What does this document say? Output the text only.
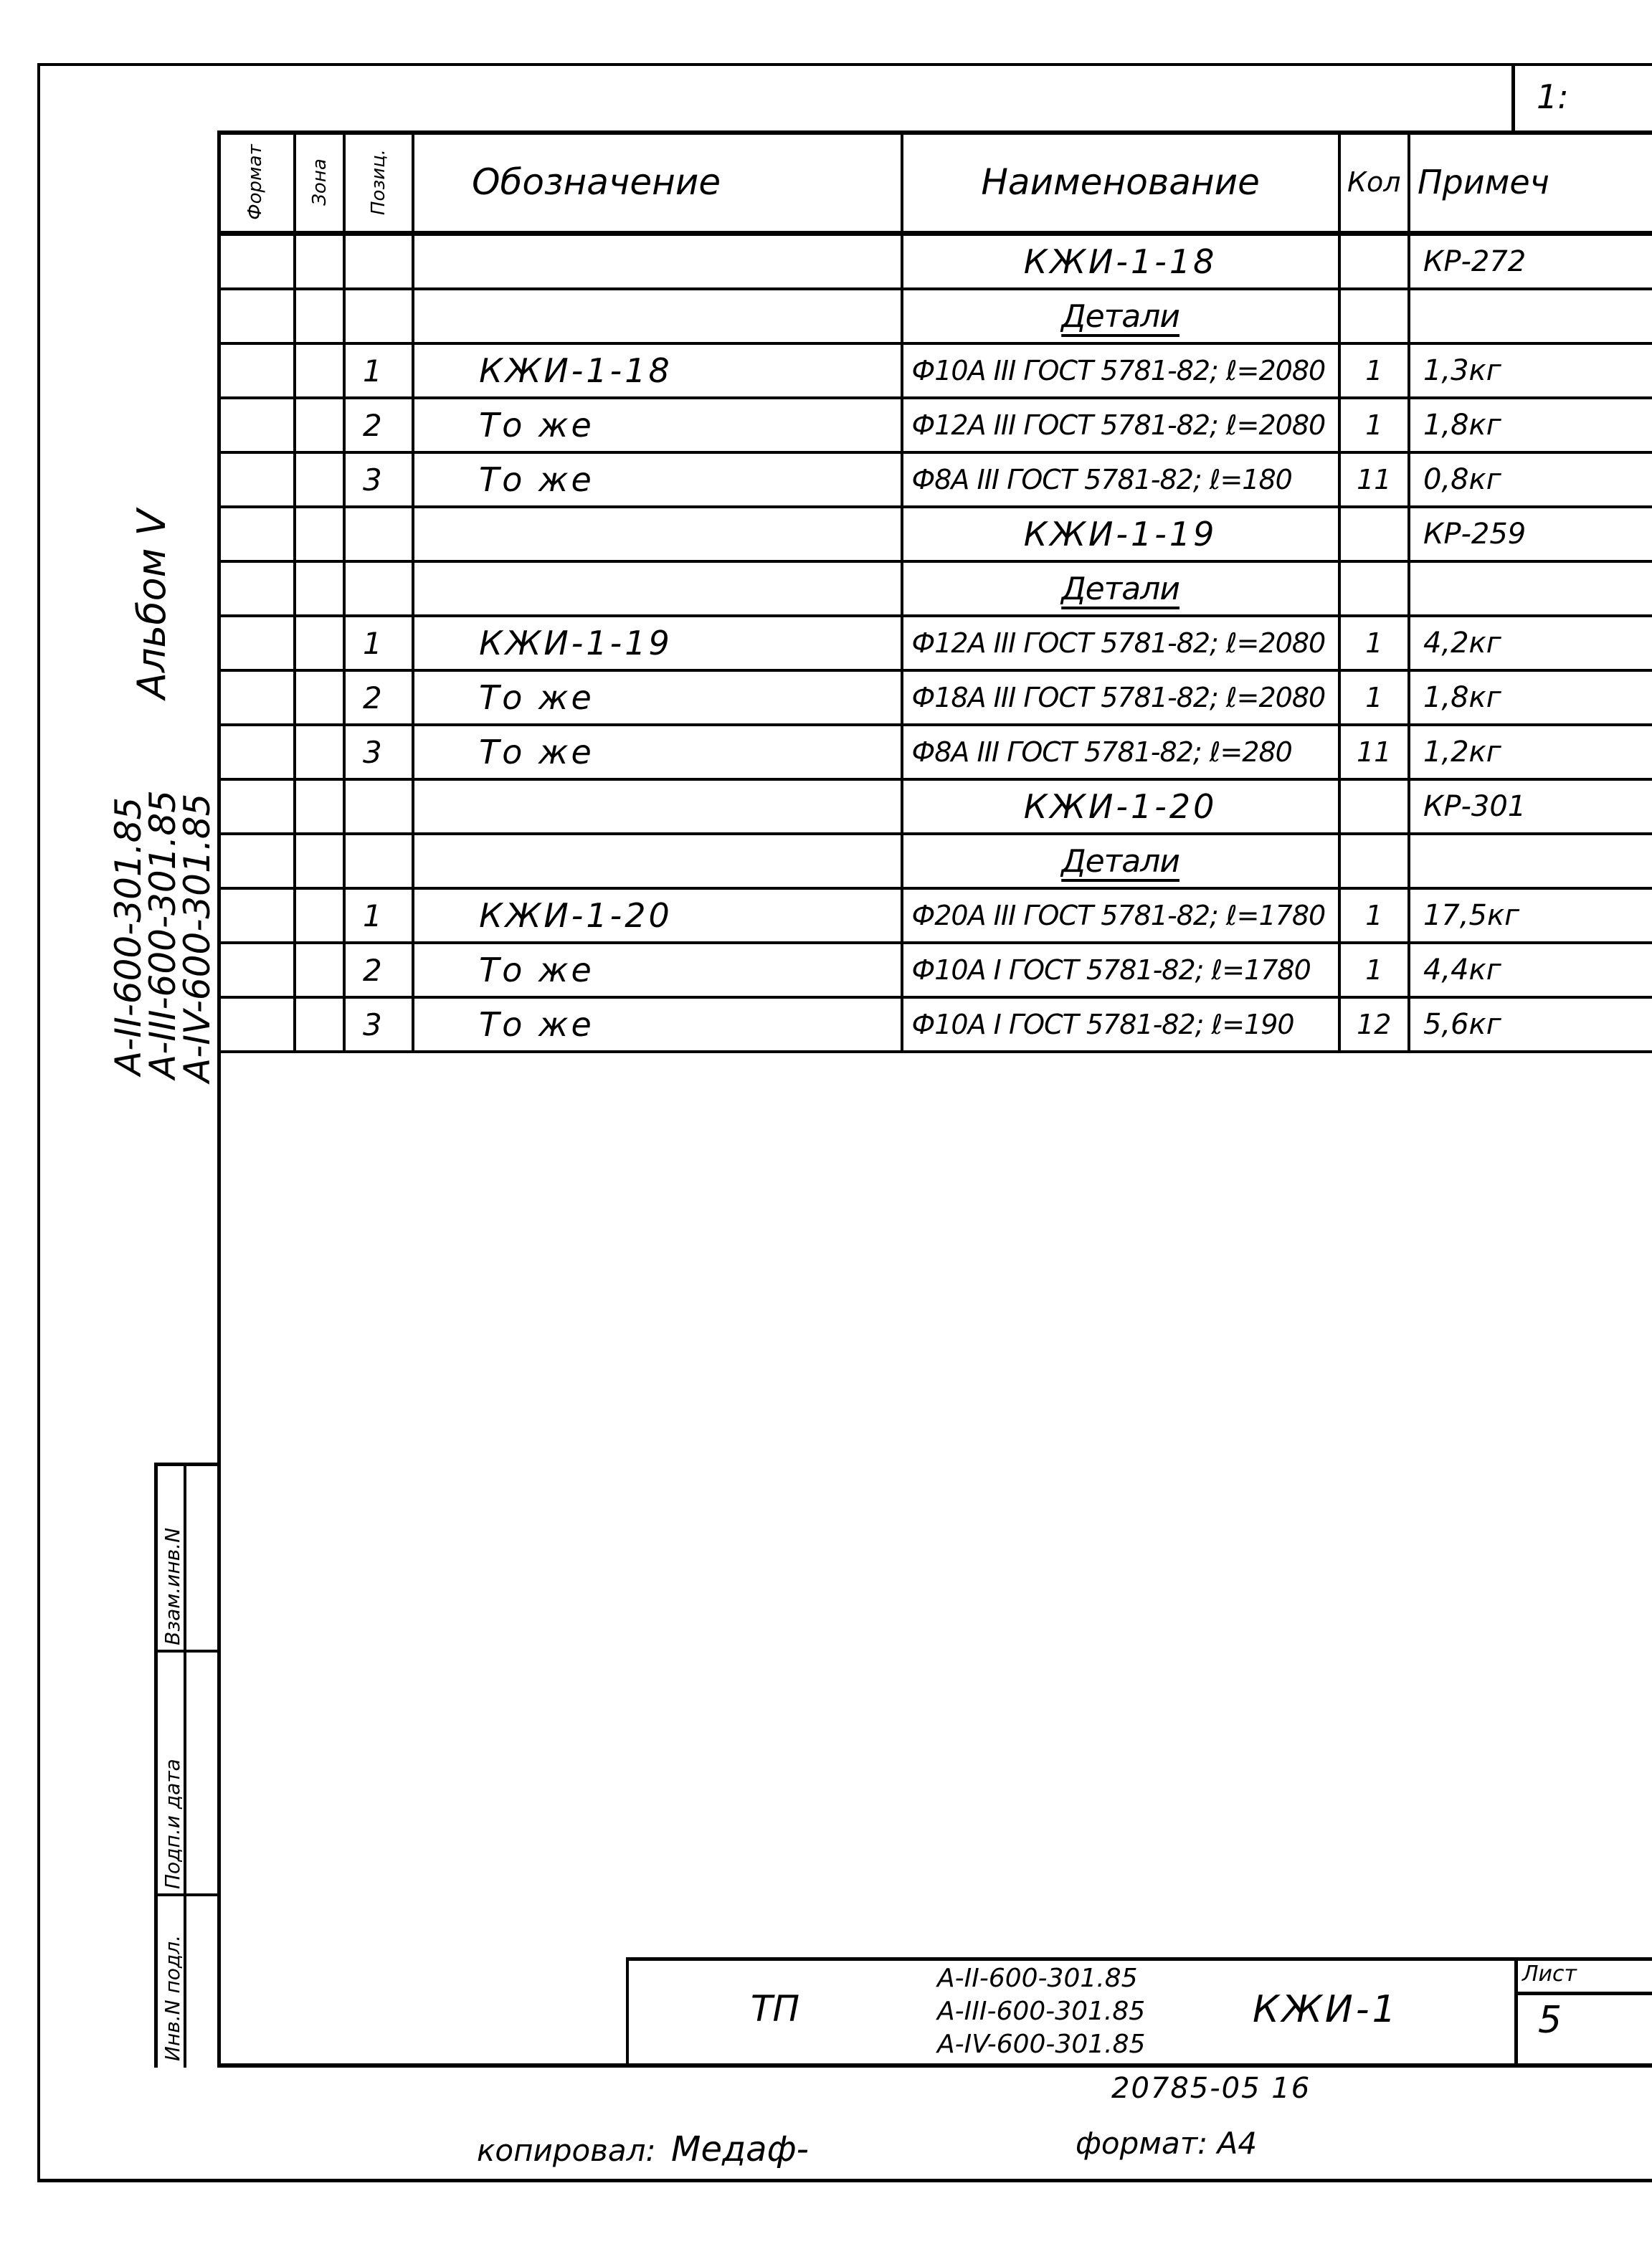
1:
Альбом V
А-II-600-301.85
А-III-600-301.85
А-IV-600-301.85
Взам.инв.N
Подп.и дата
Инв.N подл.
Формат	Зона	Позиц.	Обозначение	Наименование	Кол	Примеч
				КЖИ-1-18		КР-272
				Детали		
		1	КЖИ-1-18	Ф10А III ГОСТ 5781-82; ℓ=2080	1	1,3кг
		2	То же	Ф12А III ГОСТ 5781-82; ℓ=2080	1	1,8кг
		3	То же	Ф8А III ГОСТ 5781-82; ℓ=180	11	0,8кг
				КЖИ-1-19		КР-259
				Детали		
		1	КЖИ-1-19	Ф12А III ГОСТ 5781-82; ℓ=2080	1	4,2кг
		2	То же	Ф18А III ГОСТ 5781-82; ℓ=2080	1	1,8кг
		3	То же	Ф8А III ГОСТ 5781-82; ℓ=280	11	1,2кг
				КЖИ-1-20		КР-301
				Детали		
		1	КЖИ-1-20	Ф20А III ГОСТ 5781-82; ℓ=1780	1	17,5кг
		2	То же	Ф10А I ГОСТ 5781-82; ℓ=1780	1	4,4кг
		3	То же	Ф10А I ГОСТ 5781-82; ℓ=190	12	5,6кг
ТП
А-II-600-301.85
А-III-600-301.85
А-IV-600-301.85
КЖИ-1
Лист
5
20785-05 16
копировал: Медаф-	формат: А4
